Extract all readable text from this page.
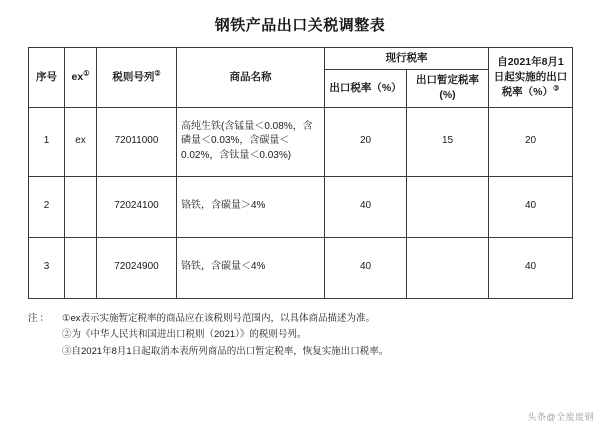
钢铁产品出口关税调整表
序号	ex①	税则号列②	商品名称	现行税率		自2021年8月1日起实施的出口税率（%）③
				出口税率（%）	出口暂定税率(%)	
1	ex	72011000	高纯生铁(含锰量＜0.08%，含磷量＜0.03%，含碳量＜0.02%，含钛量＜0.03%)	20	15	20
2		72024100	铬铁，含碳量＞4%	40		40
3		72024900	铬铁，含碳量＜4%	40		40
注： ①ex表示实施暂定税率的商品应在该税则号范围内，以具体商品描述为准。
②为《中华人民共和国进出口税则（2021）》的税则号列。
③自2021年8月1日起取消本表所列商品的出口暂定税率，恢复实施出口税率。
头条@全废废钢
